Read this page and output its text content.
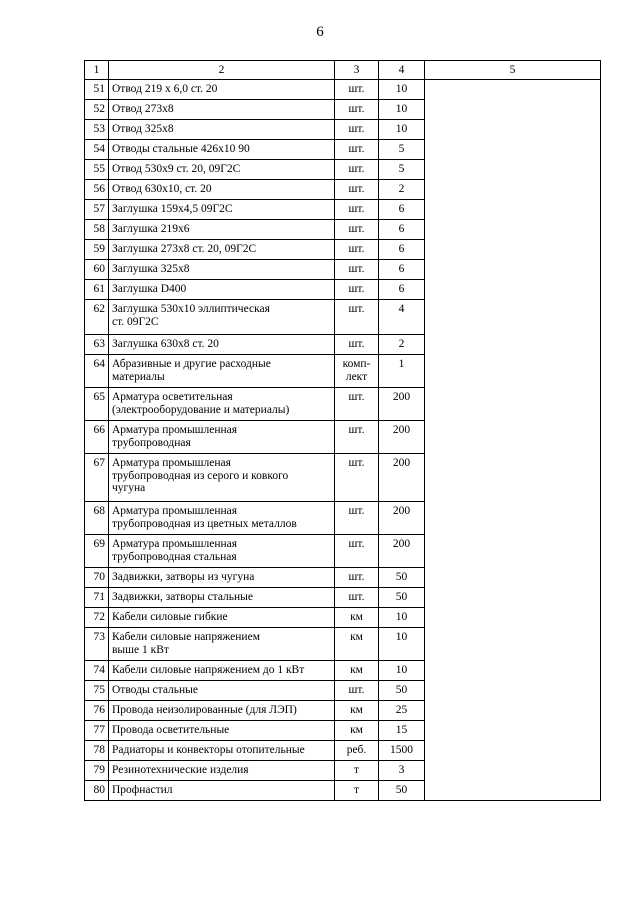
6
1	2	3	4	5
51	Отвод 219 х 6,0 ст. 20	шт.	10	
52	Отвод 273х8	шт.	10	
53	Отвод 325х8	шт.	10	
54	Отводы стальные 426х10 90	шт.	5	
55	Отвод 530х9 ст. 20, 09Г2С	шт.	5	
56	Отвод 630х10, ст. 20	шт.	2	
57	Заглушка 159х4,5 09Г2С	шт.	6	
58	Заглушка 219х6	шт.	6	
59	Заглушка 273х8 ст. 20, 09Г2С	шт.	6	
60	Заглушка 325х8	шт.	6	
61	Заглушка D400	шт.	6	
62	Заглушка 530х10 эллиптическая
ст. 09Г2С	шт.	4	
63	Заглушка 630х8 ст. 20	шт.	2	
64	Абразивные и другие расходные
материалы	комп-
лект	1	
65	Арматура осветительная
(электрооборудование и материалы)	шт.	200	
66	Арматура промышленная
трубопроводная	шт.	200	
67	Арматура промышленая
трубопроводная из серого и ковкого
чугуна	шт.	200	
68	Арматура промышленная
трубопроводная из цветных металлов	шт.	200	
69	Арматура промышленная
трубопроводная стальная	шт.	200	
70	Задвижки, затворы из чугуна	шт.	50	
71	Задвижки, затворы стальные	шт.	50	
72	Кабели силовые гибкие	км	10	
73	Кабели силовые напряжением
выше 1 кВт	км	10	
74	Кабели силовые напряжением до 1 кВт	км	10	
75	Отводы стальные	шт.	50	
76	Провода неизолированные (для ЛЭП)	км	25	
77	Провода осветительные	км	15	
78	Радиаторы и конвекторы отопительные	реб.	1500	
79	Резинотехнические изделия	т	3	
80	Профнастил	т	50	
